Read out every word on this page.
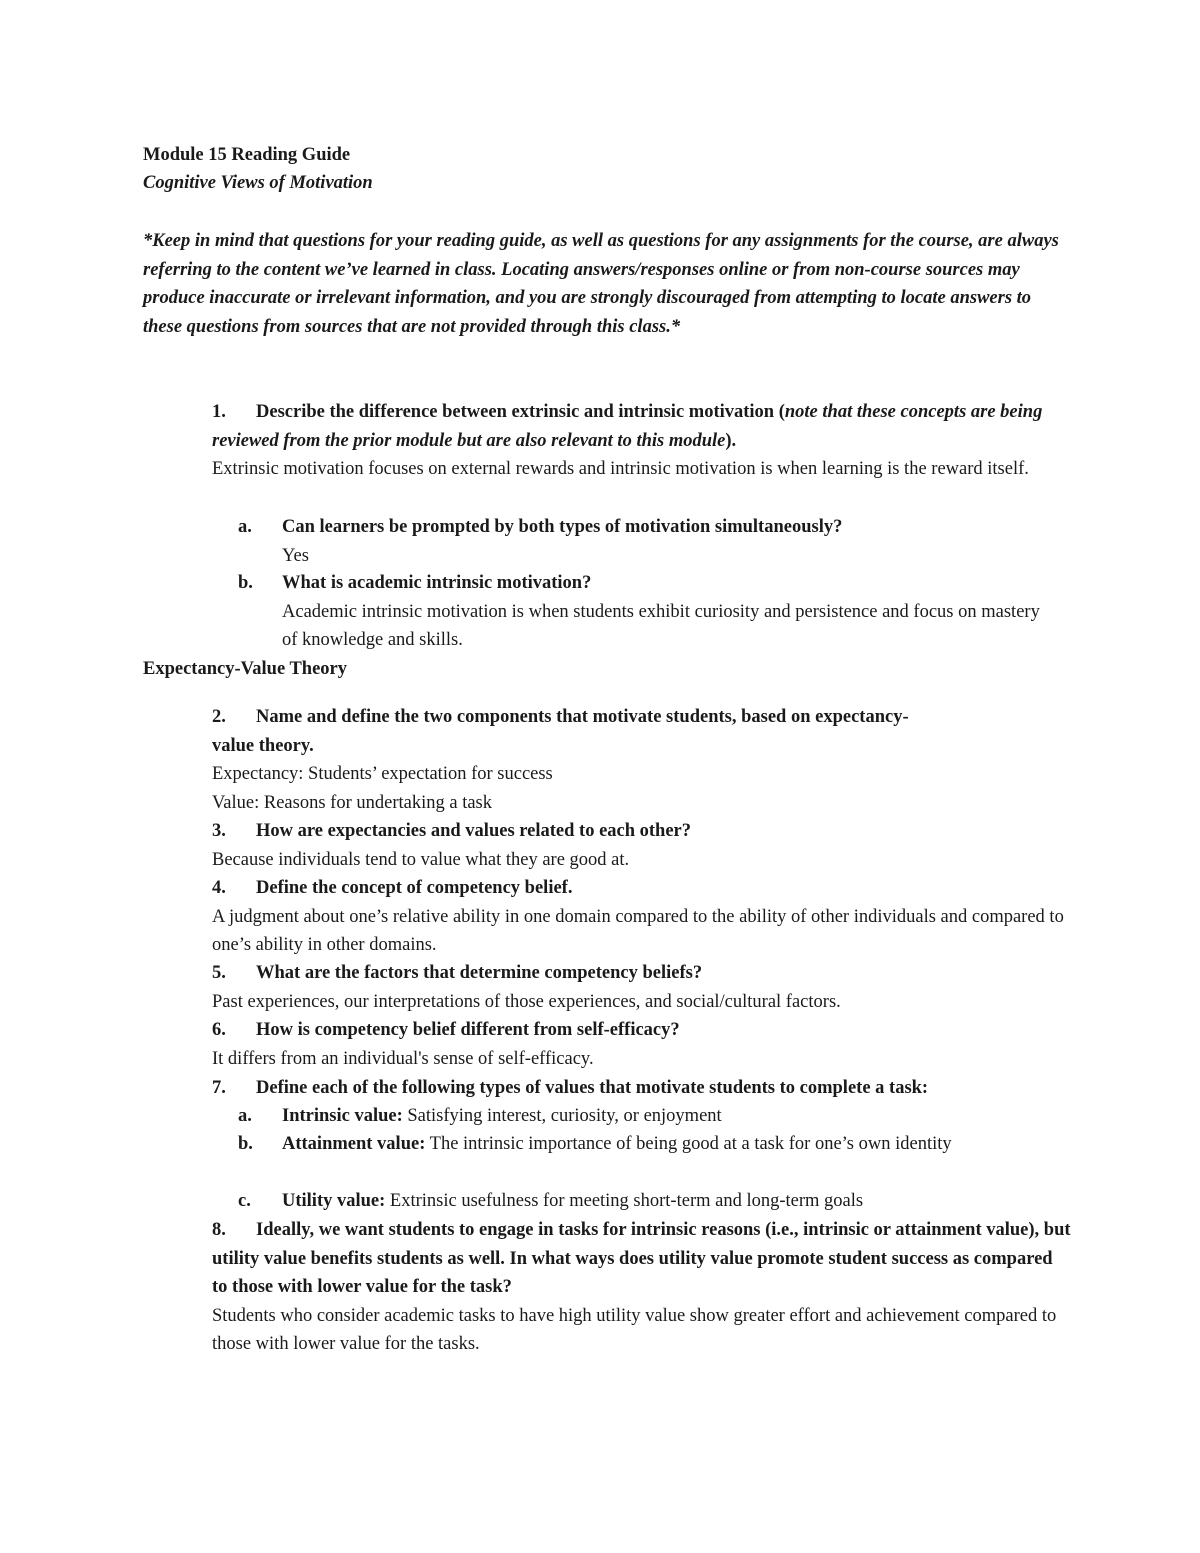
Module 15 Reading Guide

Cognitive Views of Motivation

*Keep in mind that questions for your reading guide, as well as questions for any assignments for the course, are always referring to the content we’ve learned in class. Locating answers/responses online or from non-course sources may produce inaccurate or irrelevant information, and you are strongly discouraged from attempting to locate answers to these questions from sources that are not provided through this class.*

1. Describe the difference between extrinsic and intrinsic motivation (note that these concepts are being reviewed from the prior module but are also relevant to this module).

Extrinsic motivation focuses on external rewards and intrinsic motivation is when learning is the reward itself.

a. Can learners be prompted by both types of motivation simultaneously?

Yes

b. What is academic intrinsic motivation?

Academic intrinsic motivation is when students exhibit curiosity and persistence and focus on mastery of knowledge and skills.

Expectancy-Value Theory

2. Name and define the two components that motivate students, based on expectancy-value theory.

Expectancy: Students’ expectation for success

Value: Reasons for undertaking a task

3. How are expectancies and values related to each other?

Because individuals tend to value what they are good at.

4. Define the concept of competency belief.

A judgment about one’s relative ability in one domain compared to the ability of other individuals and compared to one’s ability in other domains.

5. What are the factors that determine competency beliefs?

Past experiences, our interpretations of those experiences, and social/cultural factors.

6. How is competency belief different from self-efficacy?

It differs from an individual's sense of self-efficacy.

7. Define each of the following types of values that motivate students to complete a task:

a. Intrinsic value: Satisfying interest, curiosity, or enjoyment

b. Attainment value: The intrinsic importance of being good at a task for one’s own identity

c. Utility value: Extrinsic usefulness for meeting short-term and long-term goals

8. Ideally, we want students to engage in tasks for intrinsic reasons (i.e., intrinsic or attainment value), but utility value benefits students as well. In what ways does utility value promote student success as compared to those with lower value for the task?

Students who consider academic tasks to have high utility value show greater effort and achievement compared to those with lower value for the tasks.
